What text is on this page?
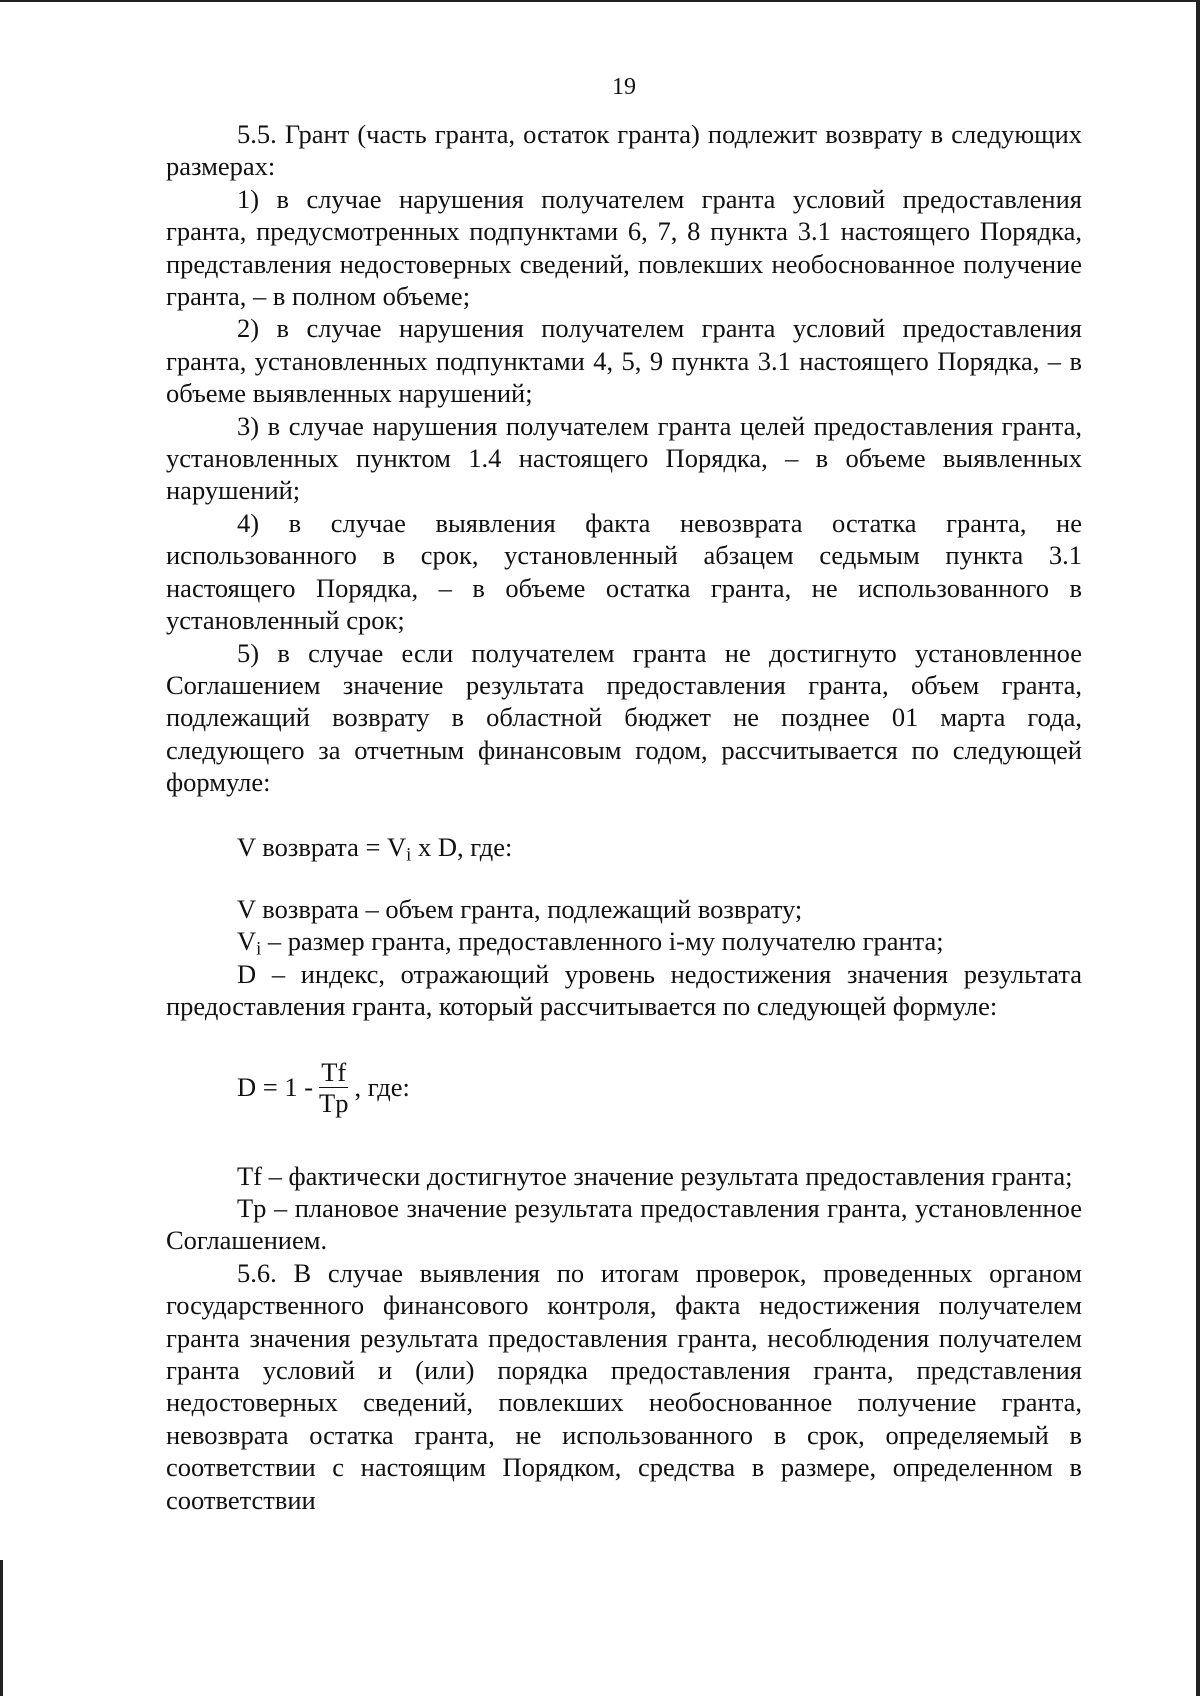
19

5.5. Грант (часть гранта, остаток гранта) подлежит возврату в следующих размерах:

1) в случае нарушения получателем гранта условий предоставления гранта, предусмотренных подпунктами 6, 7, 8 пункта 3.1 настоящего Порядка, представления недостоверных сведений, повлекших необоснованное получение гранта, – в полном объеме;

2) в случае нарушения получателем гранта условий предоставления гранта, установленных подпунктами 4, 5, 9 пункта 3.1 настоящего Порядка, – в объеме выявленных нарушений;

3) в случае нарушения получателем гранта целей предоставления гранта, установленных пунктом 1.4 настоящего Порядка, – в объеме выявленных нарушений;

4) в случае выявления факта невозврата остатка гранта, не использованного в срок, установленный абзацем седьмым пункта 3.1 настоящего Порядка, – в объеме остатка гранта, не использованного в установленный срок;

5) в случае если получателем гранта не достигнуто установленное Соглашением значение результата предоставления гранта, объем гранта, подлежащий возврату в областной бюджет не позднее 01 марта года, следующего за отчетным финансовым годом, рассчитывается по следующей формуле:

V возврата = $V_i$ x D, где:

V возврата – объем гранта, подлежащий возврату;

$V_i$ – размер гранта, предоставленного i-му получателю гранта;

D – индекс, отражающий уровень недостижения значения результата предоставления гранта, который рассчитывается по следующей формуле:

$D = 1 - \frac{Tf}{Tp}$ , где:

Tf – фактически достигнутое значение результата предоставления гранта;

Tp – плановое значение результата предоставления гранта, установленное Соглашением.

5.6. В случае выявления по итогам проверок, проведенных органом государственного финансового контроля, факта недостижения получателем гранта значения результата предоставления гранта, несоблюдения получателем гранта условий и (или) порядка предоставления гранта, представления недостоверных сведений, повлекших необоснованное получение гранта, невозврата остатка гранта, не использованного в срок, определяемый в соответствии с настоящим Порядком, средства в размере, определенном в соответствии
